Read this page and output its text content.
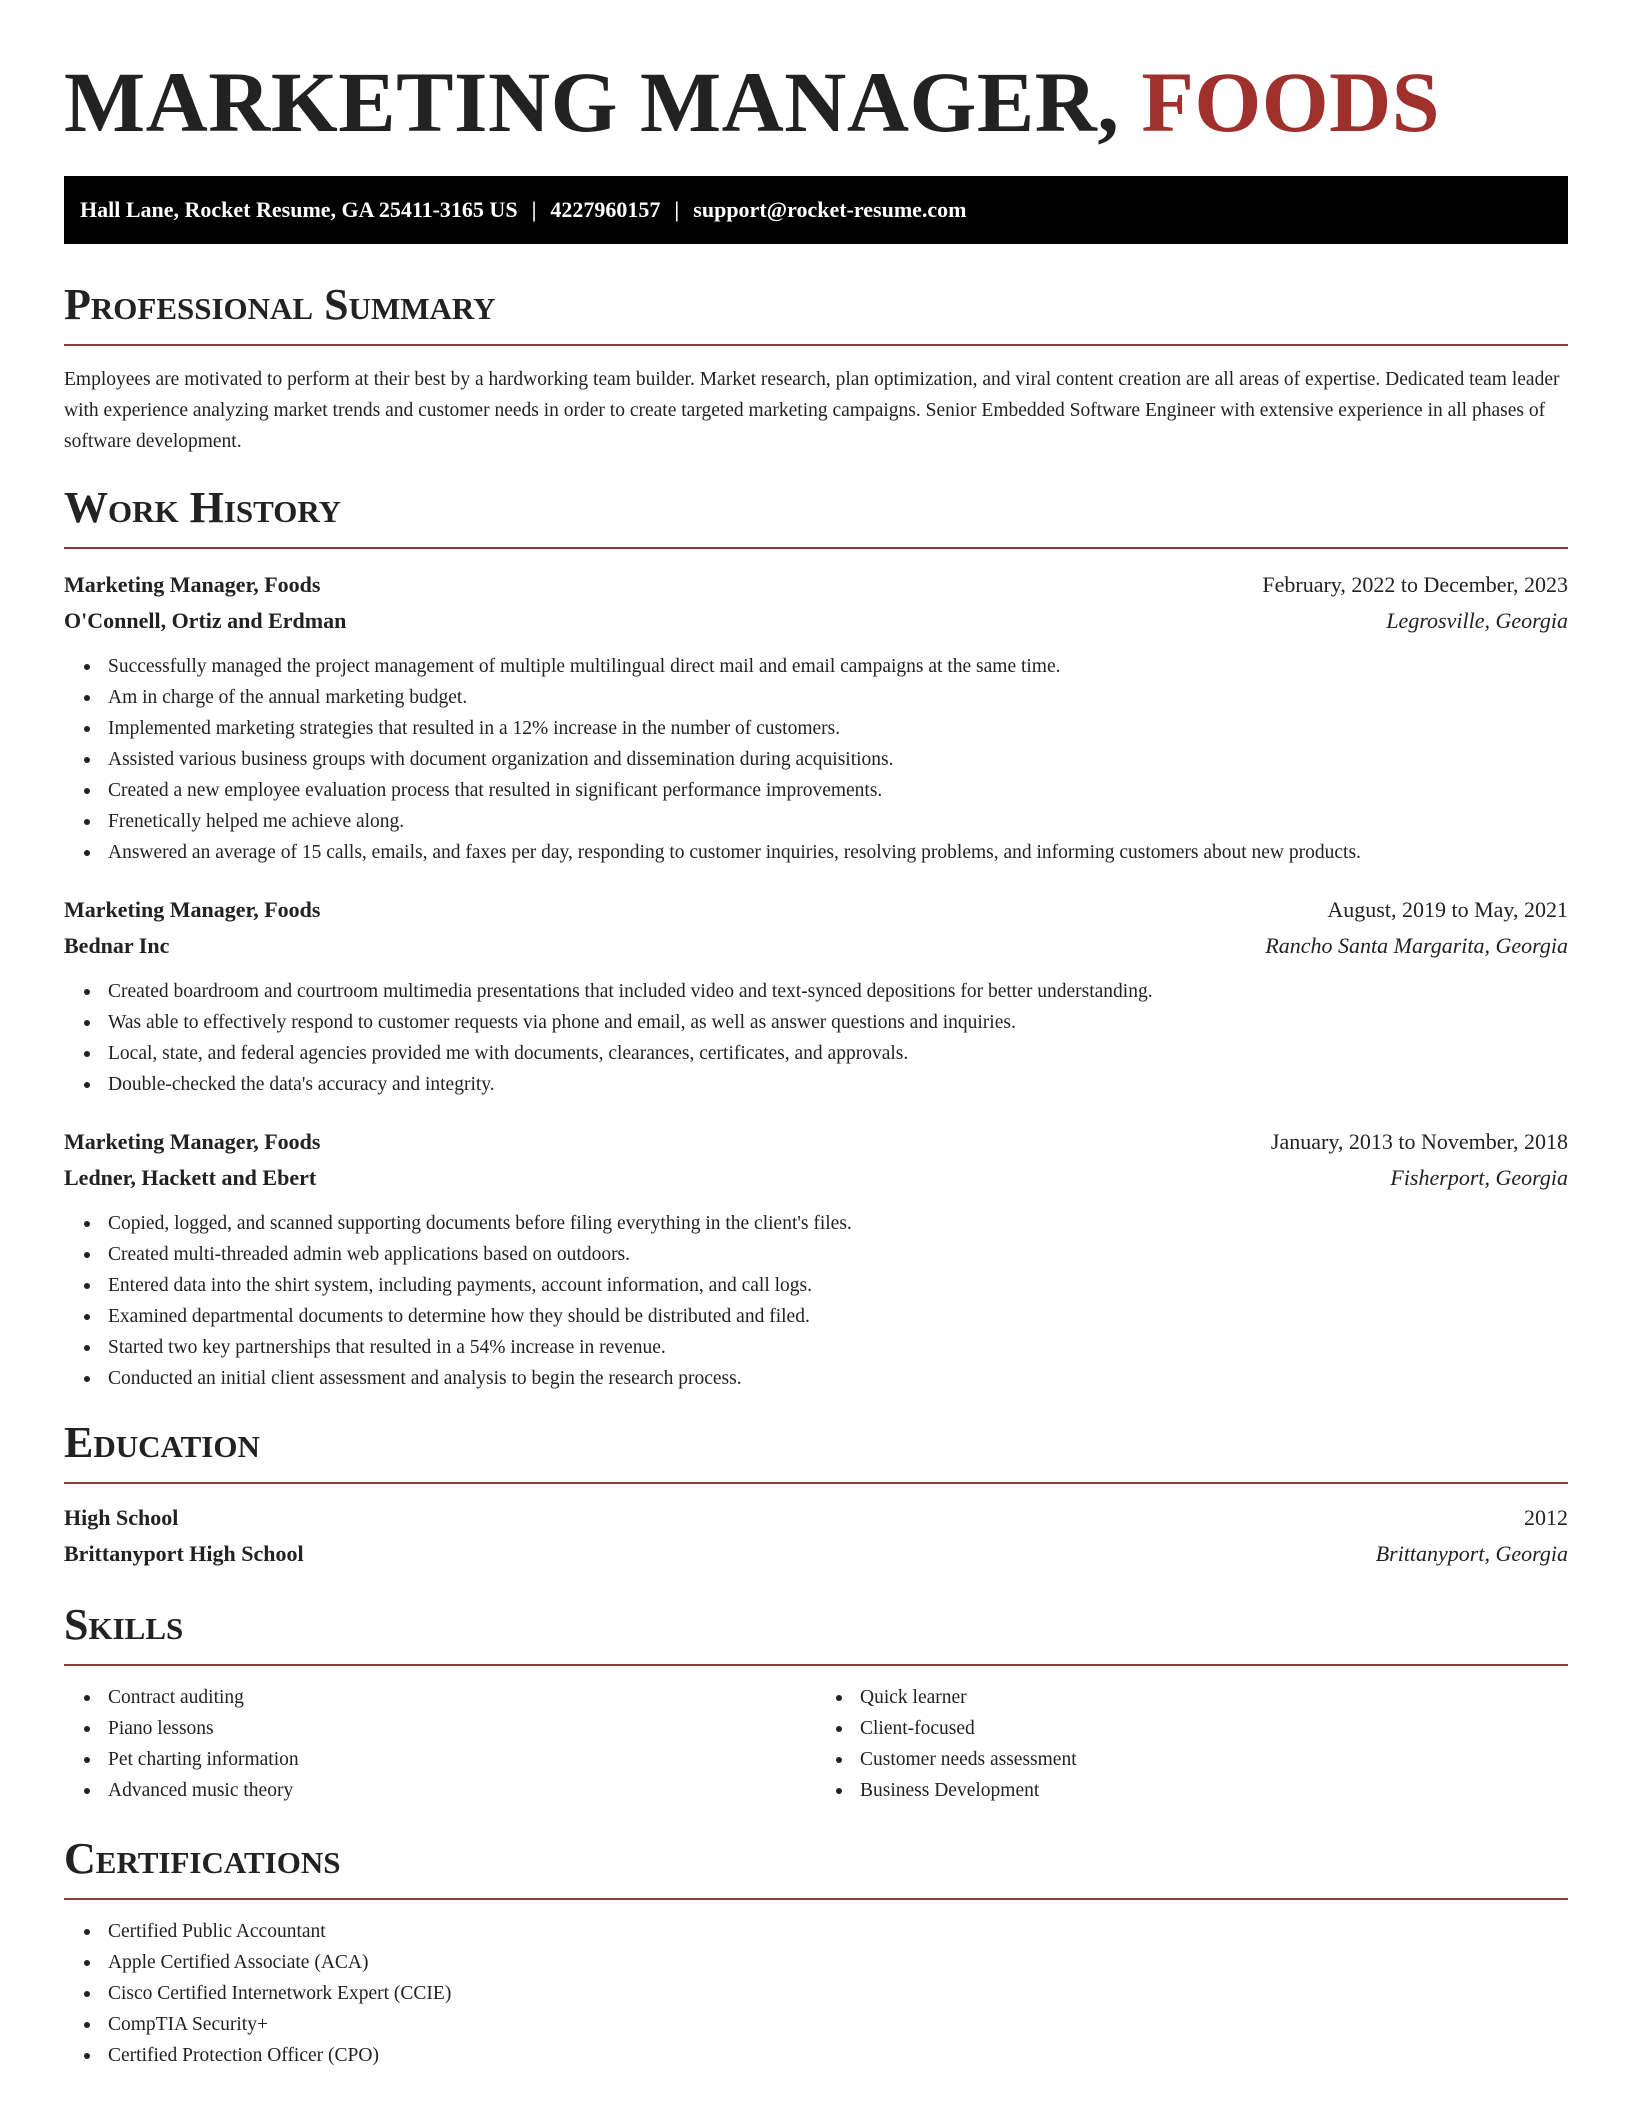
MARKETING MANAGER, FOODS
Hall Lane, Rocket Resume, GA 25411-3165 US | 4227960157 | support@rocket-resume.com
Professional Summary

Employees are motivated to perform at their best by a hardworking team builder. Market research, plan optimization, and viral content creation are all areas of expertise. Dedicated team leader with experience analyzing market trends and customer needs in order to create targeted marketing campaigns. Senior Embedded Software Engineer with extensive experience in all phases of software development.

Work History
Marketing Manager, Foods	February, 2022 to December, 2023
O'Connell, Ortiz and Erdman	Legrosville, Georgia
Successfully managed the project management of multiple multilingual direct mail and email campaigns at the same time.
Am in charge of the annual marketing budget.
Implemented marketing strategies that resulted in a 12% increase in the number of customers.
Assisted various business groups with document organization and dissemination during acquisitions.
Created a new employee evaluation process that resulted in significant performance improvements.
Frenetically helped me achieve along.
Answered an average of 15 calls, emails, and faxes per day, responding to customer inquiries, resolving problems, and informing customers about new products.
Marketing Manager, Foods	August, 2019 to May, 2021
Bednar Inc	Rancho Santa Margarita, Georgia
Created boardroom and courtroom multimedia presentations that included video and text-synced depositions for better understanding.
Was able to effectively respond to customer requests via phone and email, as well as answer questions and inquiries.
Local, state, and federal agencies provided me with documents, clearances, certificates, and approvals.
Double-checked the data's accuracy and integrity.
Marketing Manager, Foods	January, 2013 to November, 2018
Ledner, Hackett and Ebert	Fisherport, Georgia
Copied, logged, and scanned supporting documents before filing everything in the client's files.
Created multi-threaded admin web applications based on outdoors.
Entered data into the shirt system, including payments, account information, and call logs.
Examined departmental documents to determine how they should be distributed and filed.
Started two key partnerships that resulted in a 54% increase in revenue.
Conducted an initial client assessment and analysis to begin the research process.
Education
High School	2012
Brittanyport High School	Brittanyport, Georgia
Skills
Contract auditing
Piano lessons
Pet charting information
Advanced music theory
Quick learner
Client-focused
Customer needs assessment
Business Development
Certifications
Certified Public Accountant
Apple Certified Associate (ACA)
Cisco Certified Internetwork Expert (CCIE)
CompTIA Security+
Certified Protection Officer (CPO)
